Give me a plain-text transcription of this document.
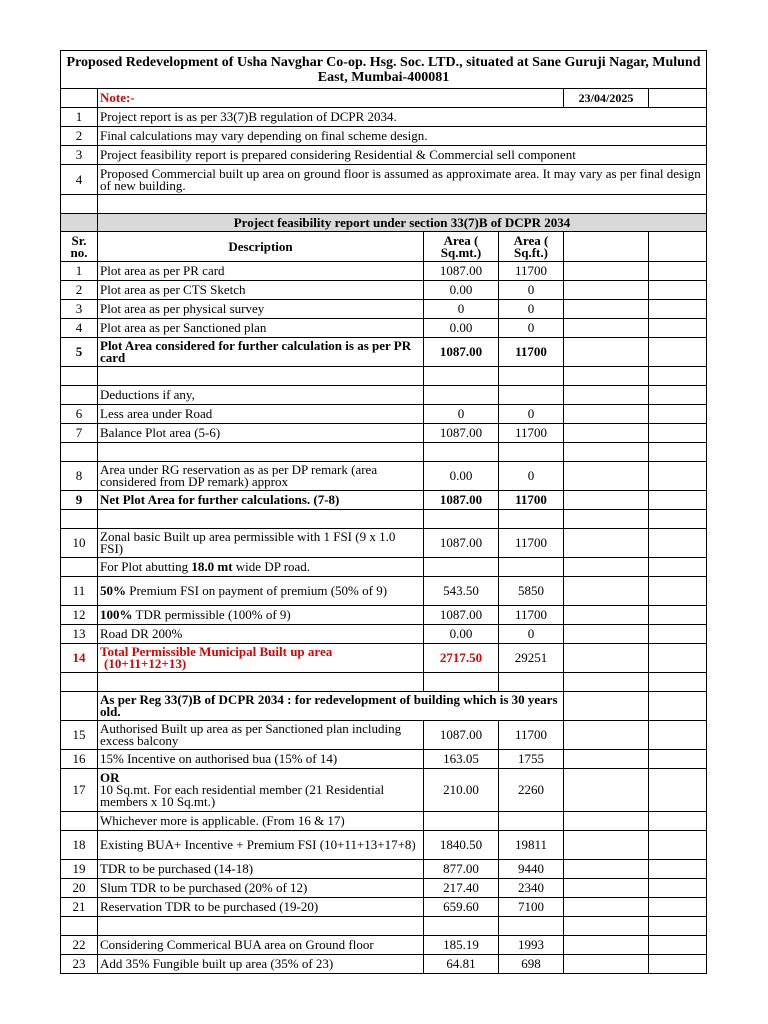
Proposed Redevelopment of Usha Navghar Co-op. Hsg. Soc. LTD., situated at Sane Guruji Nagar, Mulund East, Mumbai-400081					
	Note:-			23/04/2025	
1	Project report is as per 33(7)B regulation of DCPR 2034.				
2	Final calculations may vary depending on final scheme design.				
3	Project feasibility report is prepared considering Residential & Commercial sell component				
4	Proposed Commercial built up area on ground floor is assumed as approximate area. It may vary as per final design of new building.				

	Project feasibility report under section 33(7)B of DCPR 2034				
Sr. no.	Description	Area ( Sq.mt.)	Area ( Sq.ft.)		
1	Plot area as per PR card	1087.00	11700		
2	Plot area as per CTS Sketch	0.00	0		
3	Plot area as per physical survey	0	0		
4	Plot area as per Sanctioned plan	0.00	0		
5	Plot Area considered for further calculation is as per PR card	1087.00	11700		

	Deductions if any,				
6	Less area under Road	0	0		
7	Balance Plot area (5-6)	1087.00	11700		

8	Area under RG reservation as as per DP remark (area considered from DP remark) approx	0.00	0		
9	Net Plot Area for further calculations. (7-8)	1087.00	11700		

10	Zonal basic Built up area permissible with 1 FSI (9 x 1.0 FSI)	1087.00	11700		
	For Plot abutting 18.0 mt wide DP road.				
11	50% Premium FSI on payment of premium (50% of 9)	543.50	5850		
12	100% TDR permissible (100% of 9)	1087.00	11700		
13	Road DR 200%	0.00	0		
14	Total Permissible Municipal Built up area
(10+11+12+13)	2717.50	29251		

	As per Reg 33(7)B of DCPR 2034 : for redevelopment of building which is 30 years old.				
15	Authorised Built up area as per Sanctioned plan including excess balcony	1087.00	11700		
16	15% Incentive on authorised bua (15% of 14)	163.05	1755		
17	OR
10 Sq.mt. For each residential member (21 Residential members x 10 Sq.mt.)	210.00	2260		
	Whichever more is applicable. (From 16 & 17)				
18	Existing BUA+ Incentive + Premium FSI (10+11+13+17+8)	1840.50	19811		
19	TDR to be purchased (14-18)	877.00	9440		
20	Slum TDR to be purchased (20% of 12)	217.40	2340		
21	Reservation TDR to be purchased (19-20)	659.60	7100		

22	Considering Commerical BUA area on Ground floor	185.19	1993		
23	Add 35% Fungible built up area (35% of 23)	64.81	698		
